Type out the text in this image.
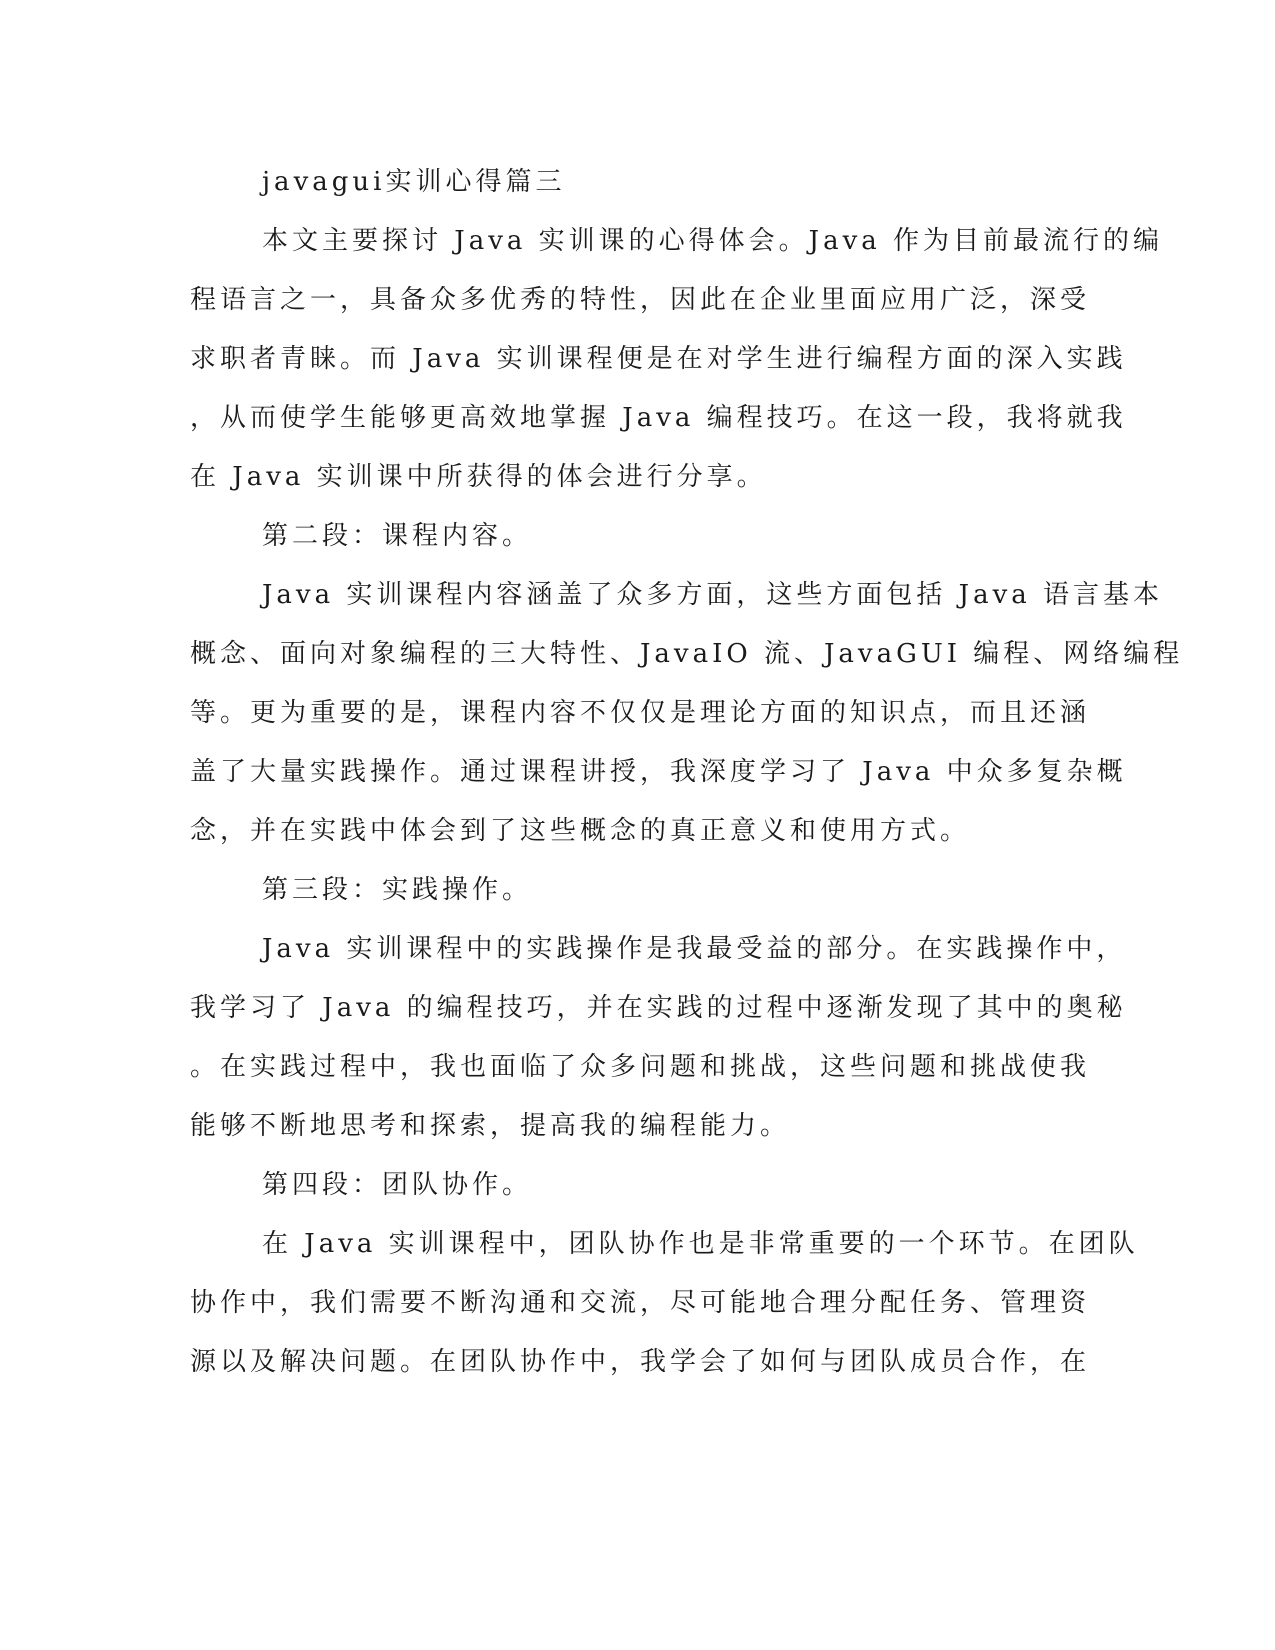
javagui实训心得篇三
本文主要探讨 Java 实训课的心得体会。Java 作为目前最流行的编
程语言之一，具备众多优秀的特性，因此在企业里面应用广泛，深受
求职者青睐。而 Java 实训课程便是在对学生进行编程方面的深入实践
，从而使学生能够更高效地掌握 Java 编程技巧。在这一段，我将就我
在 Java 实训课中所获得的体会进行分享。
第二段：课程内容。
Java 实训课程内容涵盖了众多方面，这些方面包括 Java 语言基本
概念、面向对象编程的三大特性、JavaIO 流、JavaGUI 编程、网络编程
等。更为重要的是，课程内容不仅仅是理论方面的知识点，而且还涵
盖了大量实践操作。通过课程讲授，我深度学习了 Java 中众多复杂概
念，并在实践中体会到了这些概念的真正意义和使用方式。
第三段：实践操作。
Java 实训课程中的实践操作是我最受益的部分。在实践操作中，
我学习了 Java 的编程技巧，并在实践的过程中逐渐发现了其中的奥秘
。在实践过程中，我也面临了众多问题和挑战，这些问题和挑战使我
能够不断地思考和探索，提高我的编程能力。
第四段：团队协作。
在 Java 实训课程中，团队协作也是非常重要的一个环节。在团队
协作中，我们需要不断沟通和交流，尽可能地合理分配任务、管理资
源以及解决问题。在团队协作中，我学会了如何与团队成员合作，在
